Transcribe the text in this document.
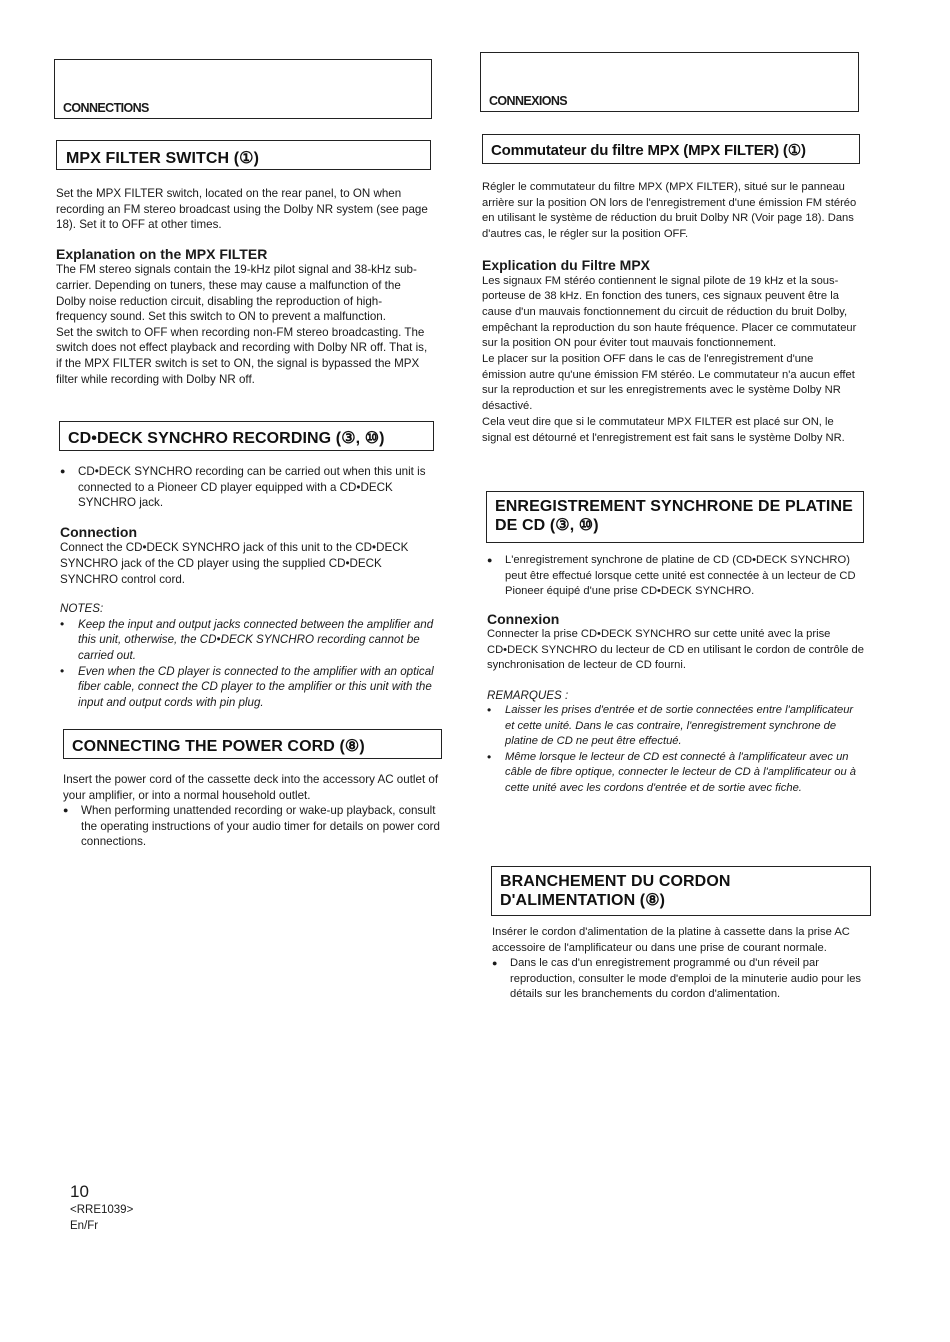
CONNECTIONS
MPX FILTER SWITCH (①)

Set the MPX FILTER switch, located on the rear panel, to ON when recording an FM stereo broadcast using the Dolby NR system (see page 18). Set it to OFF at other times.

Explanation on the MPX FILTER

The FM stereo signals contain the 19-kHz pilot signal and 38-kHz sub-carrier. Depending on tuners, these may cause a malfunction of the Dolby noise reduction circuit, disabling the reproduction of high-frequency sound. Set this switch to ON to prevent a malfunction.

Set the switch to OFF when recording non-FM stereo broadcasting. The switch does not effect playback and recording with Dolby NR off. That is, if the MPX FILTER switch is set to ON, the signal is bypassed the MPX filter while recording with Dolby NR off.

CD•DECK SYNCHRO RECORDING (③, ⑩)
● CD•DECK SYNCHRO recording can be carried out when this unit is connected to a Pioneer CD player equipped with a CD•DECK SYNCHRO jack.

Connection

Connect the CD•DECK SYNCHRO jack of this unit to the CD•DECK SYNCHRO jack of the CD player using the supplied CD•DECK SYNCHRO control cord.

NOTES:

• Keep the input and output jacks connected between the amplifier and this unit, otherwise, the CD•DECK SYNCHRO recording cannot be carried out.
• Even when the CD player is connected to the amplifier with an optical fiber cable, connect the CD player to the amplifier or this unit with the input and output cords with pin plug.
CONNECTING THE POWER CORD (⑧)

Insert the power cord of the cassette deck into the accessory AC outlet of your amplifier, or into a normal household outlet.

● When performing unattended recording or wake-up playback, consult the operating instructions of your audio timer for details on power cord connections.
CONNEXIONS
Commutateur du filtre MPX (MPX FILTER) (①)

Régler le commutateur du filtre MPX (MPX FILTER), situé sur le panneau arrière sur la position ON lors de l'enregistrement d'une émission FM stéréo en utilisant le système de réduction du bruit Dolby NR (Voir page 18). Dans d'autres cas, le régler sur la position OFF.

Explication du Filtre MPX

Les signaux FM stéréo contiennent le signal pilote de 19 kHz et la sous-porteuse de 38 kHz. En fonction des tuners, ces signaux peuvent être la cause d'un mauvais fonctionnement du circuit de réduction du bruit Dolby, empêchant la reproduction du son haute fréquence. Placer ce commutateur sur la position ON pour éviter tout mauvais fonctionnement.

Le placer sur la position OFF dans le cas de l'enregistrement d'une émission autre qu'une émission FM stéréo. Le commutateur n'a aucun effet sur la reproduction et sur les enregistrements avec le système Dolby NR désactivé.

Cela veut dire que si le commutateur MPX FILTER est placé sur ON, le signal est détourné et l'enregistrement est fait sans le système Dolby NR.

ENREGISTREMENT SYNCHRONE DE PLATINE DE CD (③, ⑩)
● L'enregistrement synchrone de platine de CD (CD•DECK SYNCHRO) peut être effectué lorsque cette unité est connectée à un lecteur de CD Pioneer équipé d'une prise CD•DECK SYNCHRO.

Connexion

Connecter la prise CD•DECK SYNCHRO sur cette unité avec la prise CD•DECK SYNCHRO du lecteur de CD en utilisant le cordon de contrôle de synchronisation de lecteur de CD fourni.

REMARQUES :

• Laisser les prises d'entrée et de sortie connectées entre l'amplificateur et cette unité. Dans le cas contraire, l'enregistrement synchrone de platine de CD ne peut être effectué.
• Même lorsque le lecteur de CD est connecté à l'amplificateur avec un câble de fibre optique, connecter le lecteur de CD à l'amplificateur ou à cette unité avec les cordons d'entrée et de sortie avec fiche.
BRANCHEMENT DU CORDON D'ALIMENTATION (⑧)

Insérer le cordon d'alimentation de la platine à cassette dans la prise AC accessoire de l'amplificateur ou dans une prise de courant normale.

● Dans le cas d'un enregistrement programmé ou d'un réveil par reproduction, consulter le mode d'emploi de la minuterie audio pour les détails sur les branchements du cordon d'alimentation.
10
<RRE1039>
En/Fr
